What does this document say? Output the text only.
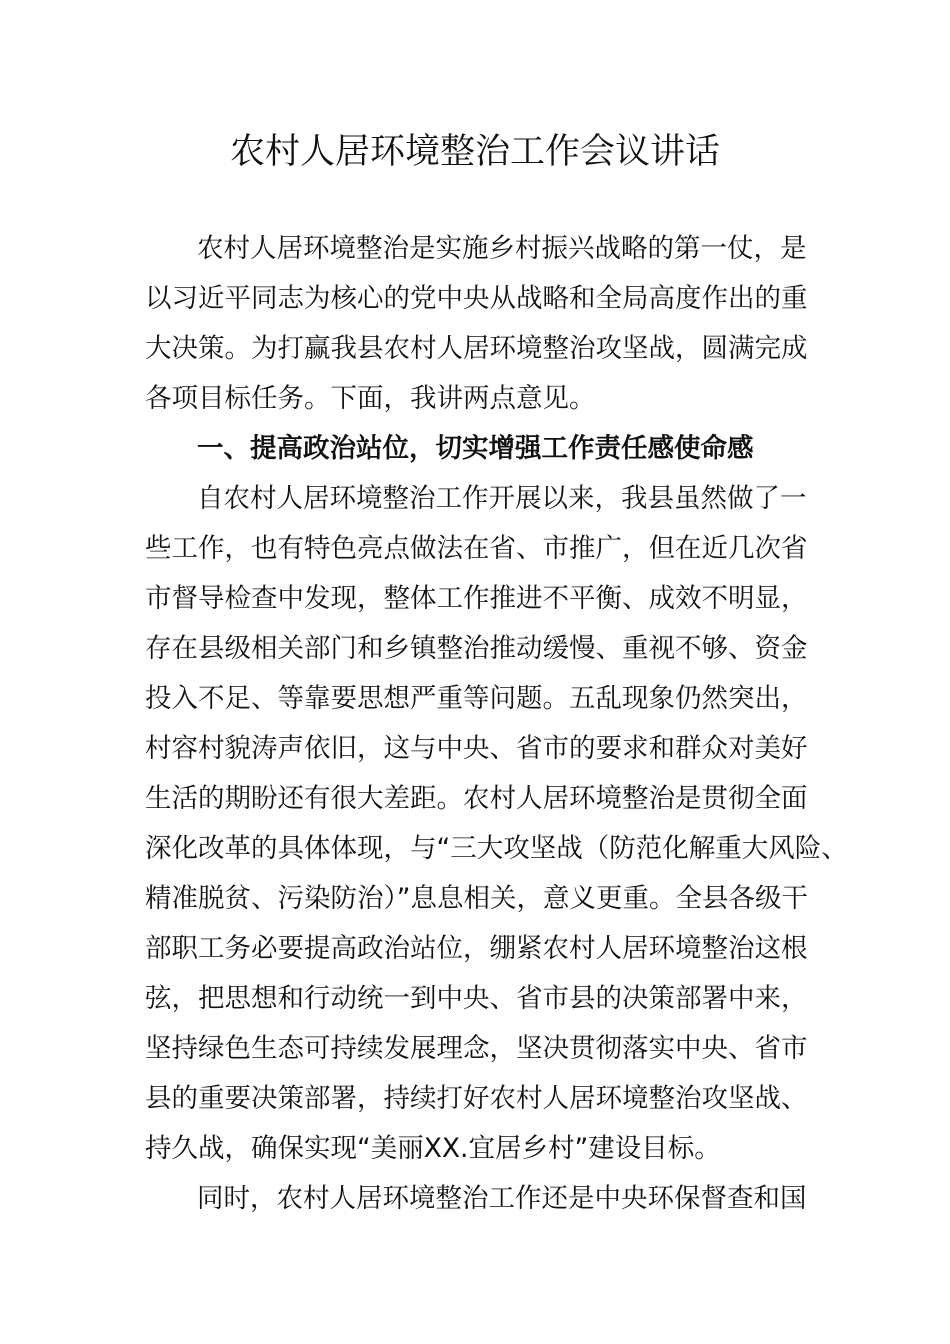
农村人居环境整治工作会议讲话
农村人居环境整治是实施乡村振兴战略的第一仗，是
以习近平同志为核心的党中央从战略和全局高度作出的重
大决策。为打赢我县农村人居环境整治攻坚战，圆满完成
各项目标任务。下面，我讲两点意见。
一、提高政治站位，切实增强工作责任感使命感
自农村人居环境整治工作开展以来，我县虽然做了一
些工作，也有特色亮点做法在省、市推广，但在近几次省
市督导检查中发现，整体工作推进不平衡、成效不明显，
存在县级相关部门和乡镇整治推动缓慢、重视不够、资金
投入不足、等靠要思想严重等问题。五乱现象仍然突出，
村容村貌涛声依旧，这与中央、省市的要求和群众对美好
生活的期盼还有很大差距。农村人居环境整治是贯彻全面
深化改革的具体体现，与“三大攻坚战（防范化解重大风险、
精准脱贫、污染防治）”息息相关，意义更重。全县各级干
部职工务必要提高政治站位，绷紧农村人居环境整治这根
弦，把思想和行动统一到中央、省市县的决策部署中来，
坚持绿色生态可持续发展理念，坚决贯彻落实中央、省市
县的重要决策部署，持续打好农村人居环境整治攻坚战、
持久战，确保实现“美丽XX.宜居乡村”建设目标。
同时，农村人居环境整治工作还是中央环保督查和国
